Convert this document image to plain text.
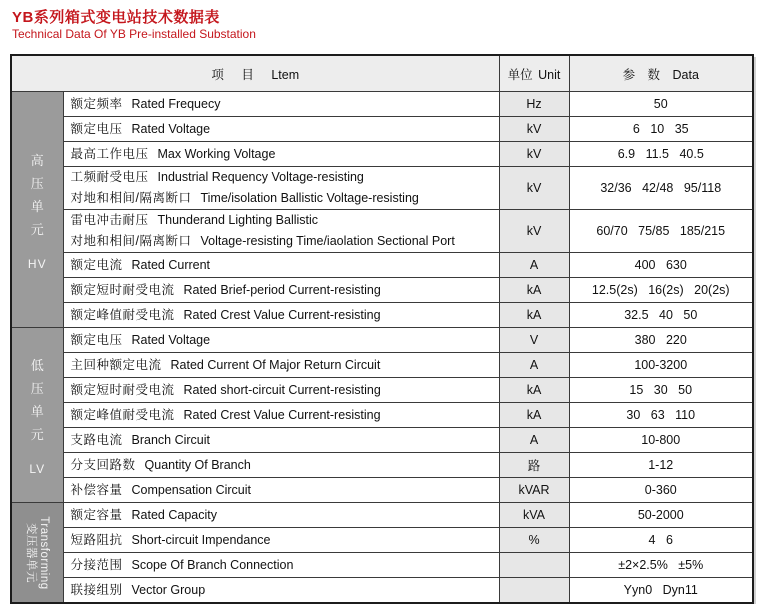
YB系列箱式变电站技术数据表
Technical Data Of YB Pre-installed Substation
项 目 Ltem		单位 Unit	参 数 Data

高
压
单
元
HV	额定频率 Rated Frequecy	Hz	50

	额定电压 Rated Voltage	kV	6 10 35

	最高工作电压 Max Working Voltage	kV	6.9 11.5 40.5

	工频耐受电压 Industrial Requency Voltage-resisting
对地和相间/隔离断口 Time/isolation Ballistic Voltage-resisting	kV	32/36 42/48 95/118

	雷电冲击耐压 Thunderand Lighting Ballistic
对地和相间/隔离断口 Voltage-resisting Time/iaolation Sectional Port	kV	60/70 75/85 185/215

	额定电流 Rated Current	A	400 630

	额定短时耐受电流 Rated Brief-period Current-resisting	kA	12.5(2s) 16(2s) 20(2s)

	额定峰值耐受电流 Rated Crest Value Current-resisting	kA	32.5 40 50

低
压
单
元
LV	额定电压 Rated Voltage	V	380 220

	主回种额定电流 Rated Current Of Major Return Circuit	A	100-3200

	额定短时耐受电流 Rated short-circuit Current-resisting	kA	15 30 50

	额定峰值耐受电流 Rated Crest Value Current-resisting	kA	30 63 110

	支路电流 Branch Circuit	A	10-800

	分支回路数 Quantity Of Branch	路	1-12

	补偿容量 Compensation Circuit	kVAR	0-360

Transforming
变压器单元	额定容量 Rated Capacity	kVA	50-2000

	短路阻抗 Short-circuit Impendance	%	4 6

	分接范围 Scope Of Branch Connection		±2×2.5% ±5%

	联接组别 Vector Group		Yyn0 Dyn11
